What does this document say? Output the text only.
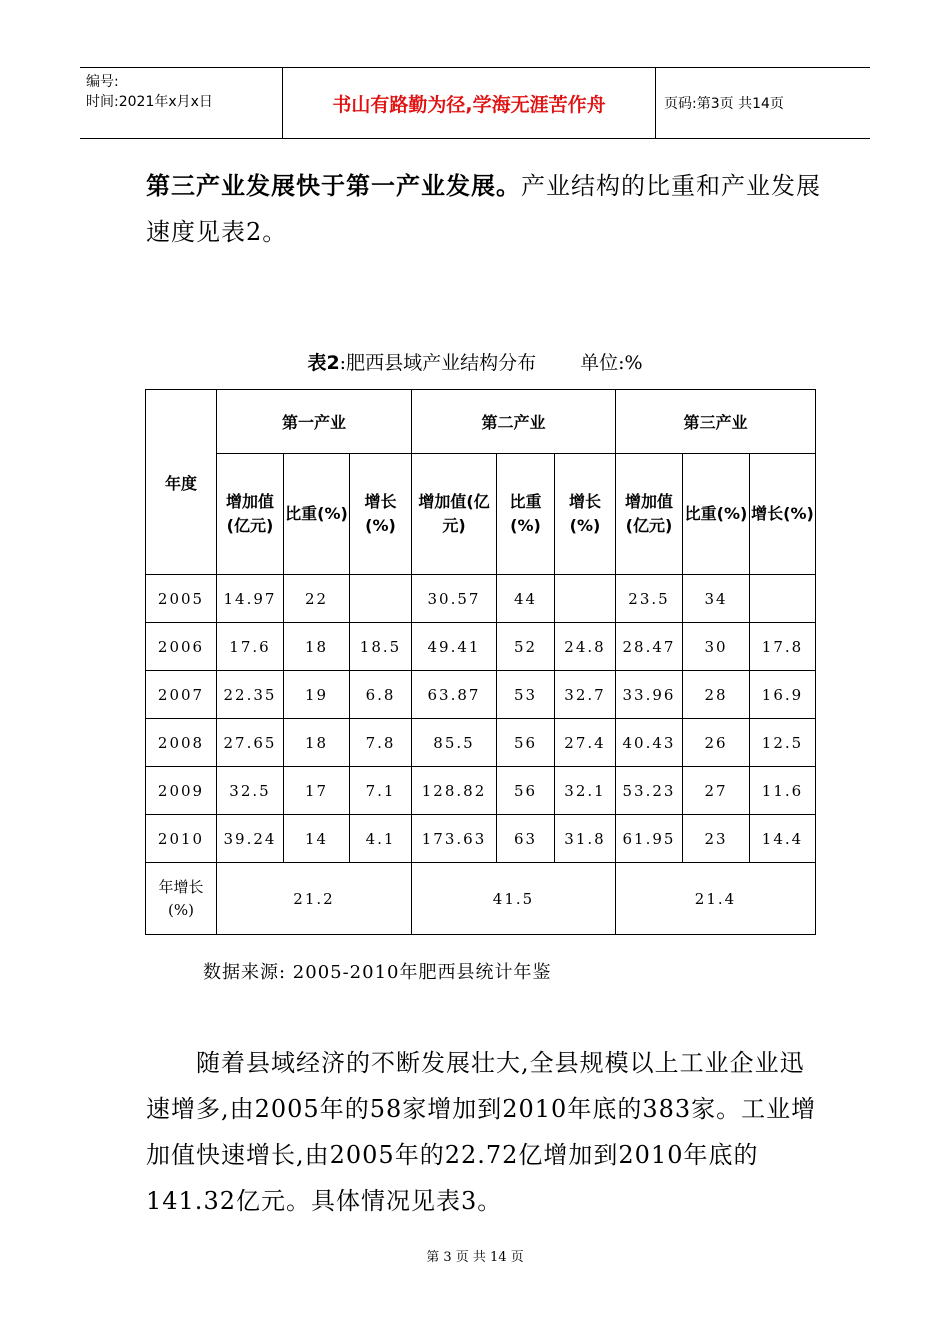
编号:
时间:2021年x月x日	书山有路勤为径,学海无涯苦作舟	页码:第3页 共14页
第三产业发展快于第一产业发展。产业结构的比重和产业发展速度见表2。
表2:肥西县域产业结构分布 单位:%
年度	第一产业			第二产业			第三产业		
	增加值(亿元)	比重(%)	增长(%)	增加值(亿元)	比重(%)	增长(%)	增加值(亿元)	比重(%)	增长(%)
2005	14.97	22		30.57	44		23.5	34	
2006	17.6	18	18.5	49.41	52	24.8	28.47	30	17.8
2007	22.35	19	6.8	63.87	53	32.7	33.96	28	16.9
2008	27.65	18	7.8	85.5	56	27.4	40.43	26	12.5
2009	32.5	17	7.1	128.82	56	32.1	53.23	27	11.6
2010	39.24	14	4.1	173.63	63	31.8	61.95	23	14.4
年增长(%)	21.2			41.5			21.4		
数据来源: 2005-2010年肥西县统计年鉴
随着县域经济的不断发展壮大,全县规模以上工业企业迅速增多,由2005年的58家增加到2010年底的383家。工业增加值快速增长,由2005年的22.72亿增加到2010年底的141.32亿元。具体情况见表3。
第 3 页 共 14 页
